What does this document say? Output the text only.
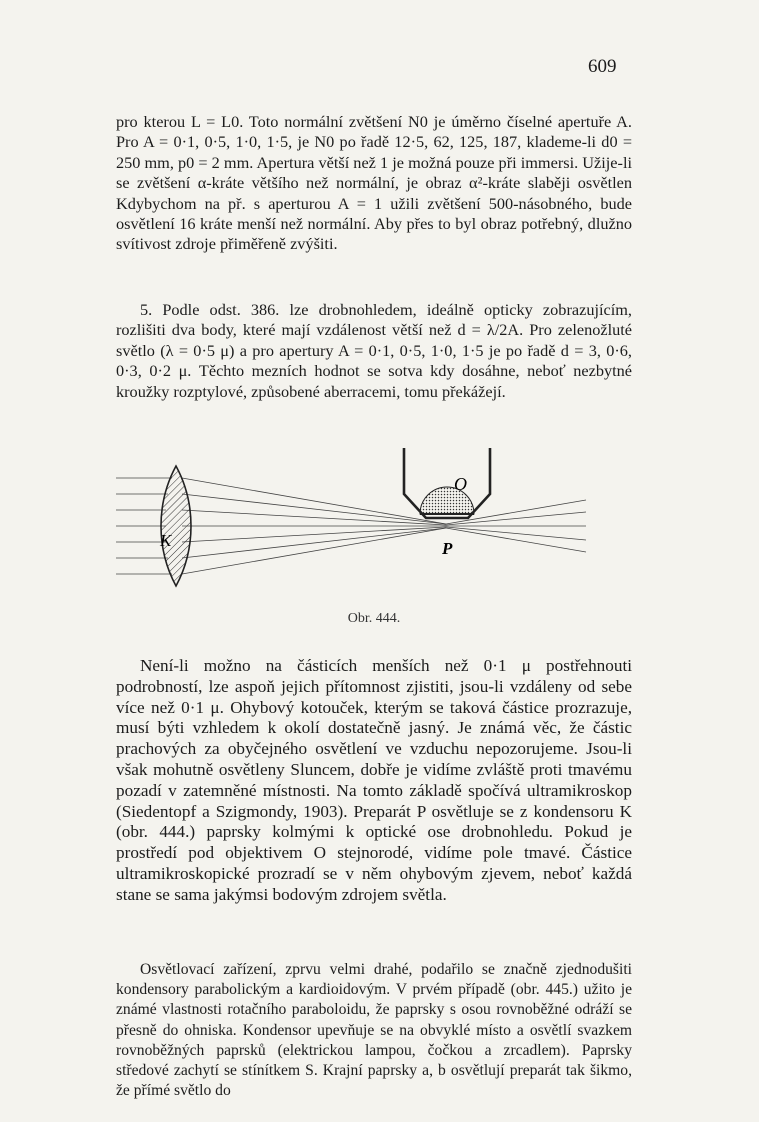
609

pro kterou L = L0. Toto normální zvětšení N0 je úměrno číselné apertuře A. Pro A = 0·1, 0·5, 1·0, 1·5, je N0 po řadě 12·5, 62, 125, 187, klademe-li d0 = 250 mm, p0 = 2 mm. Apertura větší než 1 je možná pouze při immersi. Užije-li se zvětšení α-kráte většího než normální, je obraz α²-kráte slaběji osvětlen Kdybychom na př. s aperturou A = 1 užili zvětšení 500-násobného, bude osvětlení 16 kráte menší než normální. Aby přes to byl obraz potřebný, dlužno svítivost zdroje přiměřeně zvýšiti.

5. Podle odst. 386. lze drobnohledem, ideálně opticky zobrazujícím, rozlišiti dva body, které mají vzdálenost větší než d = λ/2A. Pro zelenožluté světlo (λ = 0·5 μ) a pro apertury A = 0·1, 0·5, 1·0, 1·5 je po řadě d = 3, 0·6, 0·3, 0·2 μ. Těchto mezních hodnot se sotva kdy dosáhne, neboť nezbytné kroužky rozptylové, způsobené aberracemi, tomu překážejí.

K
O
P
Obr. 444.

Není-li možno na částicích menších než 0·1 μ postřehnouti podrobností, lze aspoň jejich přítomnost zjistiti, jsou-li vzdáleny od sebe více než 0·1 μ. Ohybový kotouček, kterým se taková částice prozrazuje, musí býti vzhledem k okolí dostatečně jasný. Je známá věc, že částic prachových za obyčejného osvětlení ve vzduchu nepozorujeme. Jsou-li však mohutně osvětleny Sluncem, dobře je vidíme zvláště proti tmavému pozadí v zatemněné místnosti. Na tomto základě spočívá ultramikroskop (Siedentopf a Szigmondy, 1903). Preparát P osvětluje se z kondensoru K (obr. 444.) paprsky kolmými k optické ose drobnohledu. Pokud je prostředí pod objektivem O stejnorodé, vidíme pole tmavé. Částice ultramikroskopické prozradí se v něm ohybovým zjevem, neboť každá stane se sama jakýmsi bodovým zdrojem světla.

Osvětlovací zařízení, zprvu velmi drahé, podařilo se značně zjednodušiti kondensory parabolickým a kardioidovým. V prvém případě (obr. 445.) užito je známé vlastnosti rotačního paraboloidu, že paprsky s osou rovnoběžné odráží se přesně do ohniska. Kondensor upevňuje se na obvyklé místo a osvětlí svazkem rovnoběžných paprsků (elektrickou lampou, čočkou a zrcadlem). Paprsky středové zachytí se stínítkem S. Krajní paprsky a, b osvětlují preparát tak šikmo, že přímé světlo do
